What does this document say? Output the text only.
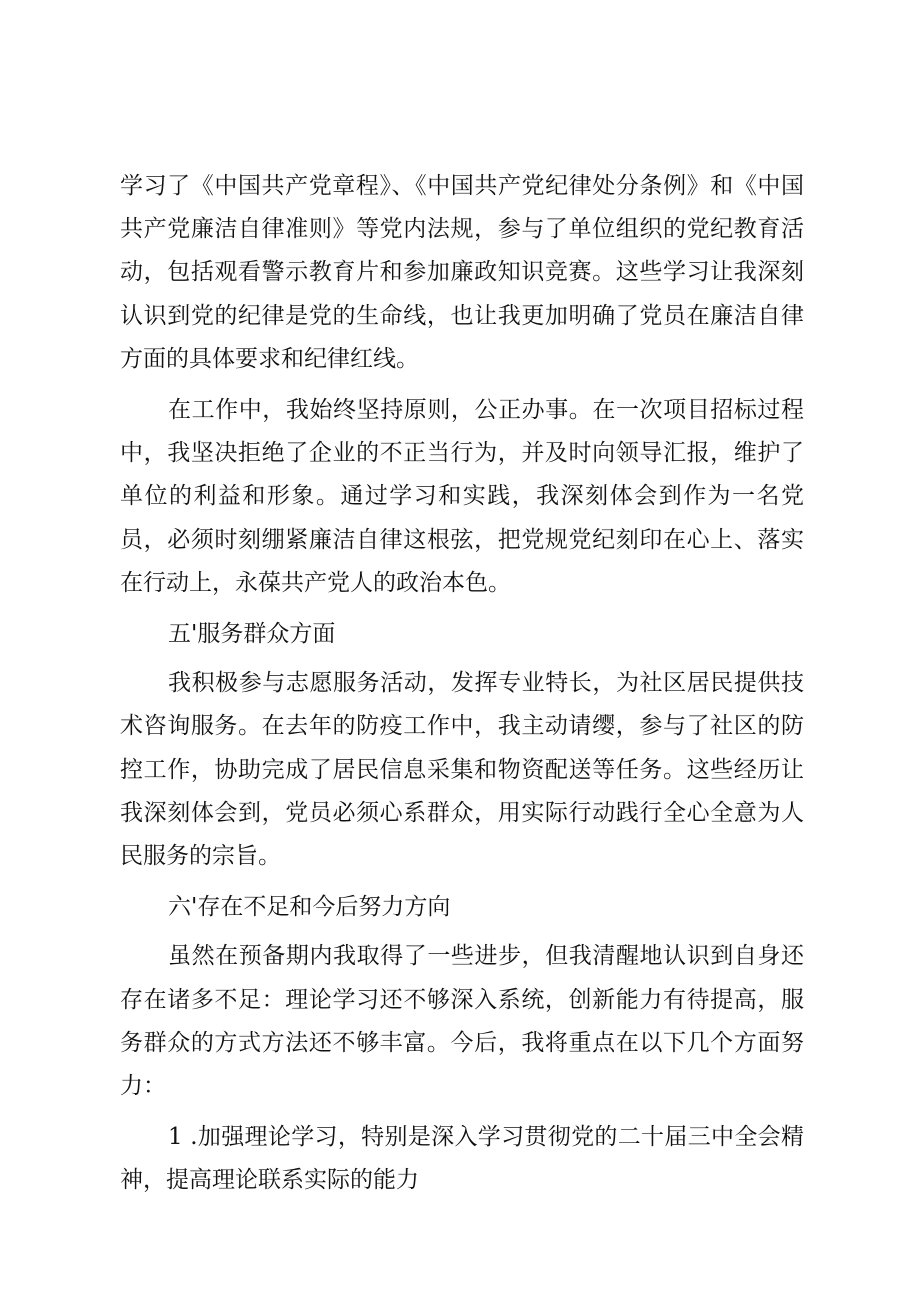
学习了《中国共产党章程》、《中国共产党纪律处分条例》和《中国共产党廉洁自律准则》等党内法规，参与了单位组织的党纪教育活动，包括观看警示教育片和参加廉政知识竞赛。这些学习让我深刻认识到党的纪律是党的生命线，也让我更加明确了党员在廉洁自律方面的具体要求和纪律红线。

在工作中，我始终坚持原则，公正办事。在一次项目招标过程中，我坚决拒绝了企业的不正当行为，并及时向领导汇报，维护了单位的利益和形象。通过学习和实践，我深刻体会到作为一名党员，必须时刻绷紧廉洁自律这根弦，把党规党纪刻印在心上、落实在行动上，永葆共产党人的政治本色。

五'服务群众方面

我积极参与志愿服务活动，发挥专业特长，为社区居民提供技术咨询服务。在去年的防疫工作中，我主动请缨，参与了社区的防控工作，协助完成了居民信息采集和物资配送等任务。这些经历让我深刻体会到，党员必须心系群众，用实际行动践行全心全意为人民服务的宗旨。

六'存在不足和今后努力方向

虽然在预备期内我取得了一些进步，但我清醒地认识到自身还存在诸多不足：理论学习还不够深入系统，创新能力有待提高，服务群众的方式方法还不够丰富。今后，我将重点在以下几个方面努力：

1 .加强理论学习，特别是深入学习贯彻党的二十届三中全会精神，提高理论联系实际的能力
